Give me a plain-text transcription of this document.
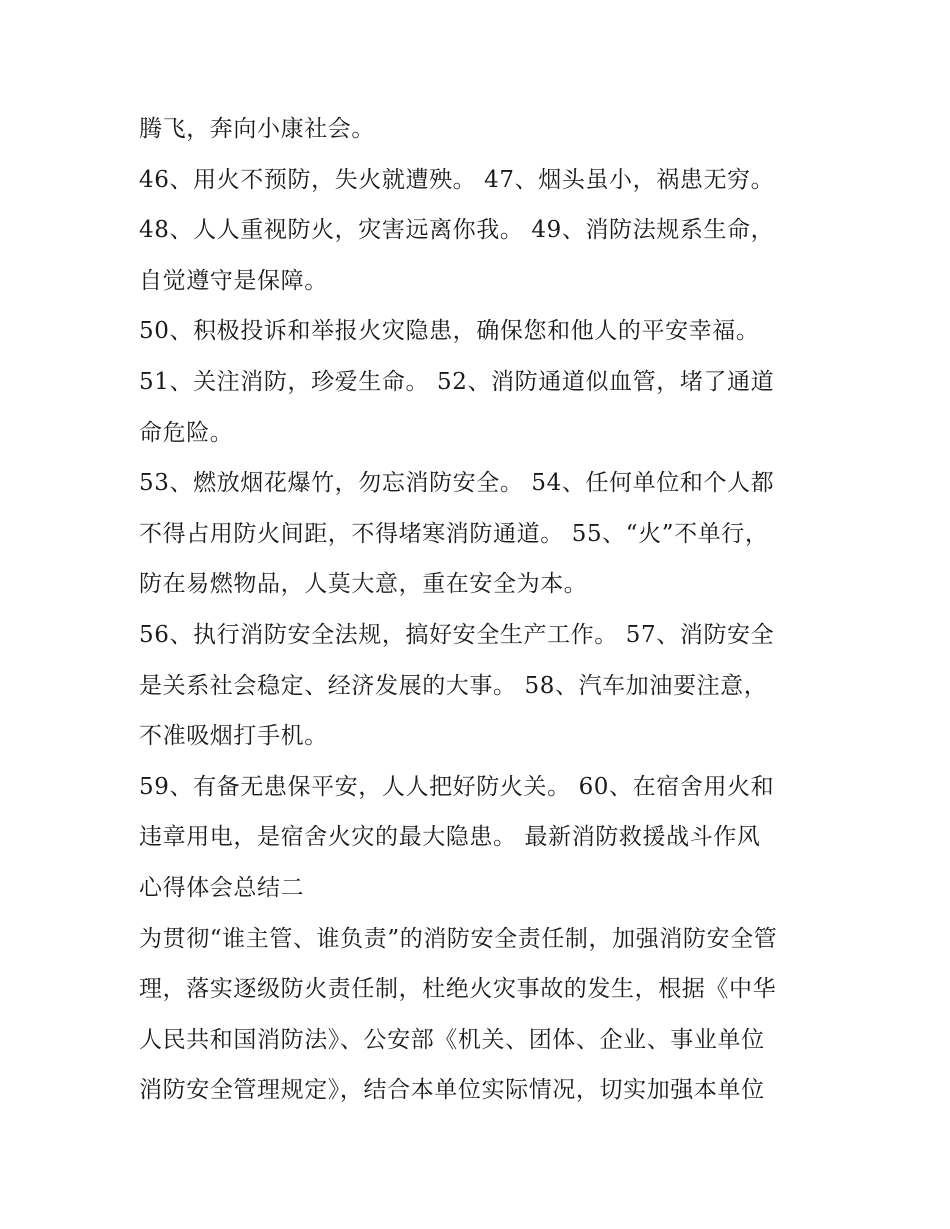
腾飞，奔向小康社会。
46、用火不预防，失火就遭殃。 47、烟头虽小，祸患无穷。
48、人人重视防火，灾害远离你我。 49、消防法规系生命，
自觉遵守是保障。
50、积极投诉和举报火灾隐患，确保您和他人的平安幸福。
51、关注消防，珍爱生命。 52、消防通道似血管，堵了通道
命危险。
53、燃放烟花爆竹，勿忘消防安全。 54、任何单位和个人都
不得占用防火间距，不得堵寒消防通道。 55、“火”不单行，
防在易燃物品，人莫大意，重在安全为本。
56、执行消防安全法规，搞好安全生产工作。 57、消防安全
是关系社会稳定、经济发展的大事。 58、汽车加油要注意，
不准吸烟打手机。
59、有备无患保平安，人人把好防火关。 60、在宿舍用火和
违章用电，是宿舍火灾的最大隐患。 最新消防救援战斗作风
心得体会总结二
为贯彻“谁主管、谁负责”的消防安全责任制，加强消防安全管
理，落实逐级防火责任制，杜绝火灾事故的发生，根据《中华
人民共和国消防法》、公安部《机关、团体、企业、事业单位
消防安全管理规定》，结合本单位实际情况，切实加强本单位
